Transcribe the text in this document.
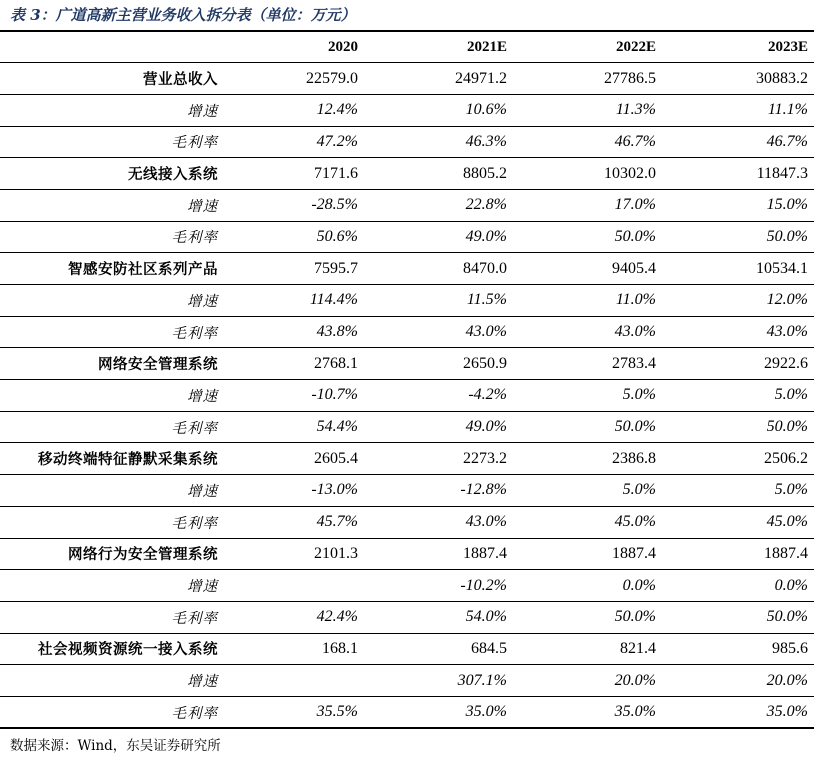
表 3：广道高新主营业务收入拆分表（单位：万元）
	2020	2021E	2022E	2023E
营业总收入	22579.0	24971.2	27786.5	30883.2
增速	12.4%	10.6%	11.3%	11.1%
毛利率	47.2%	46.3%	46.7%	46.7%
无线接入系统	7171.6	8805.2	10302.0	11847.3
增速	-28.5%	22.8%	17.0%	15.0%
毛利率	50.6%	49.0%	50.0%	50.0%
智感安防社区系列产品	7595.7	8470.0	9405.4	10534.1
增速	114.4%	11.5%	11.0%	12.0%
毛利率	43.8%	43.0%	43.0%	43.0%
网络安全管理系统	2768.1	2650.9	2783.4	2922.6
增速	-10.7%	-4.2%	5.0%	5.0%
毛利率	54.4%	49.0%	50.0%	50.0%
移动终端特征静默采集系统	2605.4	2273.2	2386.8	2506.2
增速	-13.0%	-12.8%	5.0%	5.0%
毛利率	45.7%	43.0%	45.0%	45.0%
网络行为安全管理系统	2101.3	1887.4	1887.4	1887.4
增速		-10.2%	0.0%	0.0%
毛利率	42.4%	54.0%	50.0%	50.0%
社会视频资源统一接入系统	168.1	684.5	821.4	985.6
增速		307.1%	20.0%	20.0%
毛利率	35.5%	35.0%	35.0%	35.0%
数据来源：Wind，东吴证券研究所
